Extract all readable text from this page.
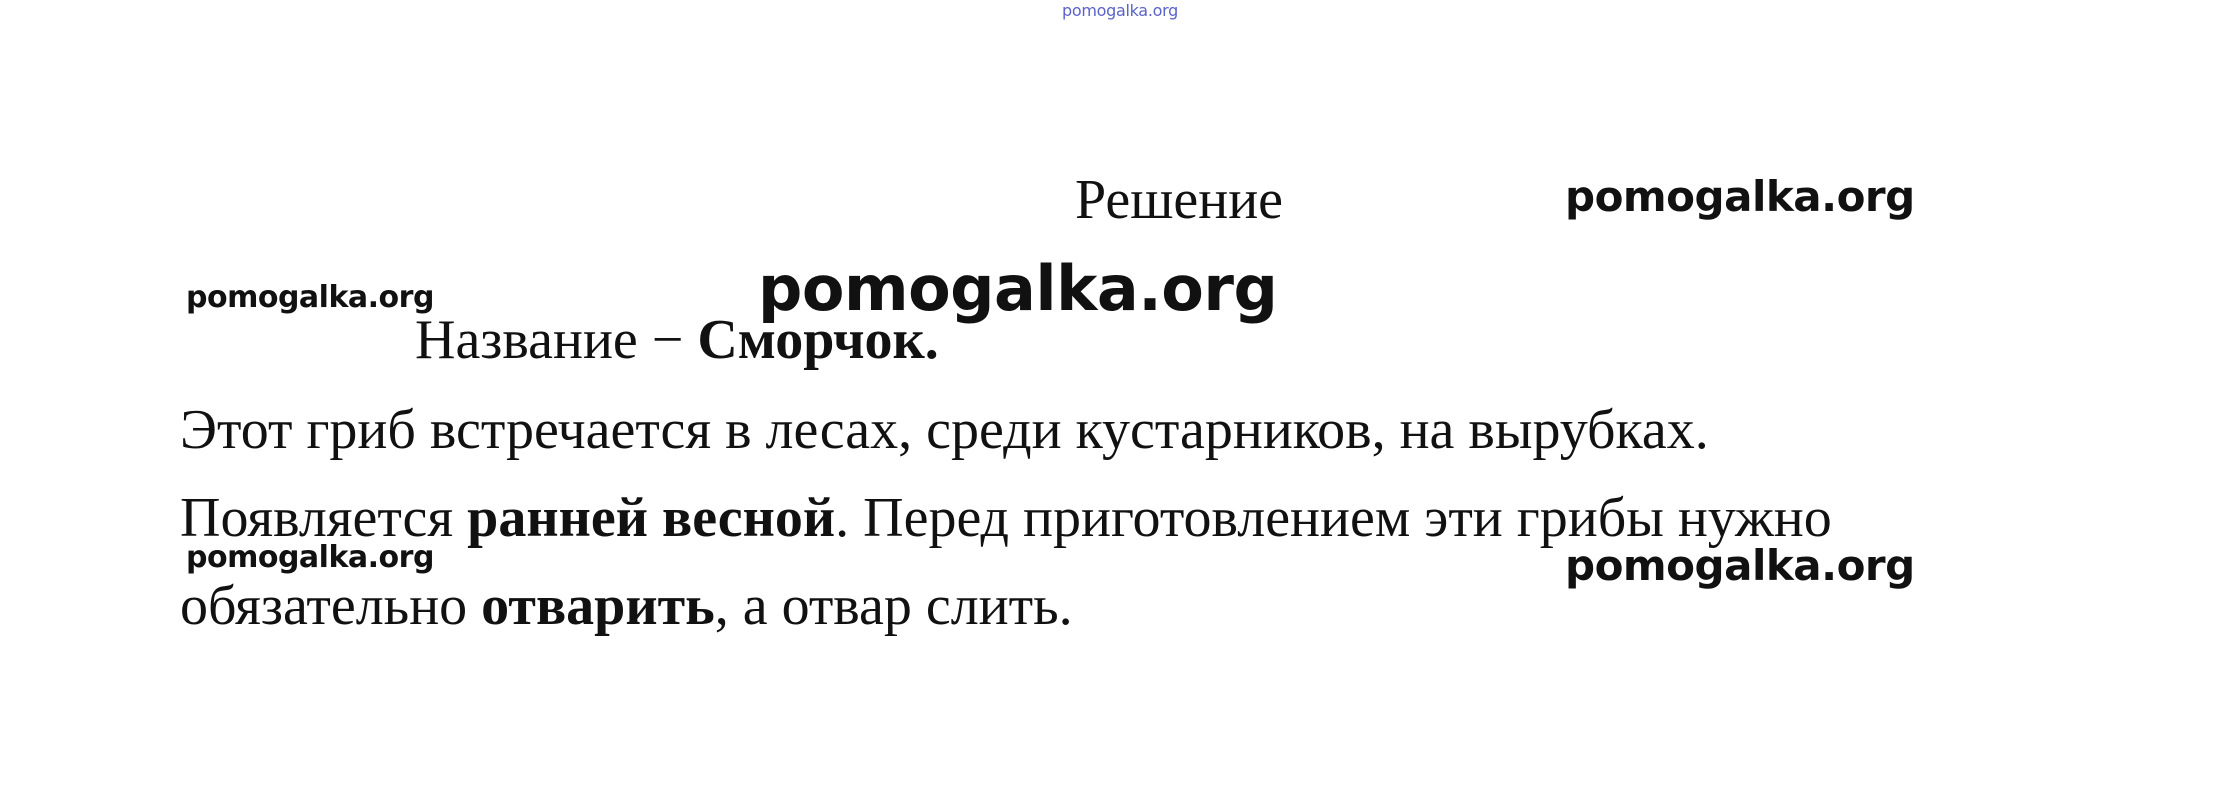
pomogalka.org
Решение	pomogalka.org
pomogalka.org
Название − Сморчок.
pomogalka.org
Этот гриб встречается в лесах, среди кустарников, на вырубках.
Появляется ранней весной. Перед приготовлением эти грибы нужно
pomogalka.org	pomogalka.org
обязательно отварить, а отвар слить.
